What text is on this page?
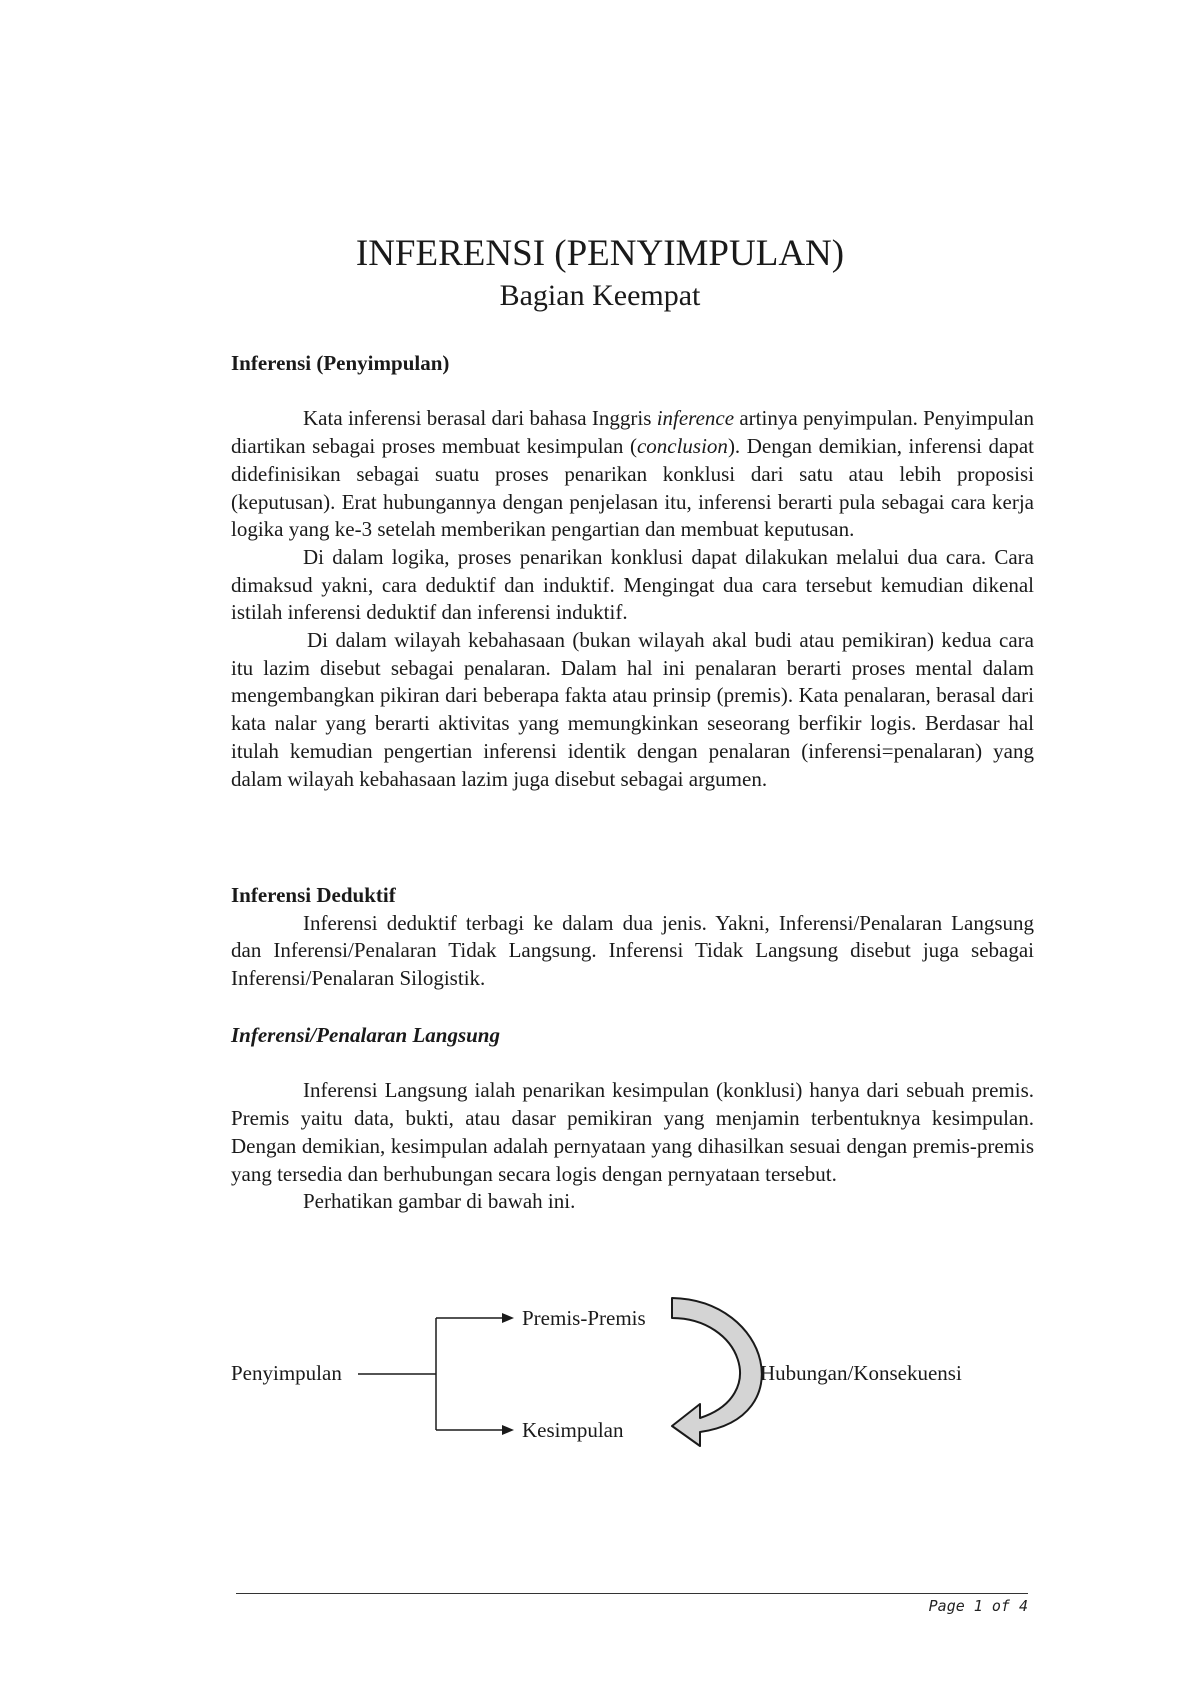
INFERENSI (PENYIMPULAN)
Bagian Keempat
Inferensi (Penyimpulan)

Kata inferensi berasal dari bahasa Inggris inference artinya penyimpulan. Penyimpulan diartikan sebagai proses membuat kesimpulan (conclusion). Dengan demikian, inferensi dapat didefinisikan sebagai suatu proses penarikan konklusi dari satu atau lebih proposisi (keputusan). Erat hubungannya dengan penjelasan itu, inferensi berarti pula sebagai cara kerja logika yang ke-3 setelah memberikan pengartian dan membuat keputusan.

Di dalam logika, proses penarikan konklusi dapat dilakukan melalui dua cara. Cara dimaksud yakni, cara deduktif dan induktif. Mengingat dua cara tersebut kemudian dikenal istilah inferensi deduktif dan inferensi induktif.

Di dalam wilayah kebahasaan (bukan wilayah akal budi atau pemikiran) kedua cara itu lazim disebut sebagai penalaran. Dalam hal ini penalaran berarti proses mental dalam mengembangkan pikiran dari beberapa fakta atau prinsip (premis). Kata penalaran, berasal dari kata nalar yang berarti aktivitas yang memungkinkan seseorang berfikir logis. Berdasar hal itulah kemudian pengertian inferensi identik dengan penalaran (inferensi=penalaran) yang dalam wilayah kebahasaan lazim juga disebut sebagai argumen.

Inferensi Deduktif

Inferensi deduktif terbagi ke dalam dua jenis. Yakni, Inferensi/Penalaran Langsung dan Inferensi/Penalaran Tidak Langsung. Inferensi Tidak Langsung disebut juga sebagai Inferensi/Penalaran Silogistik.

Inferensi/Penalaran Langsung

Inferensi Langsung ialah penarikan kesimpulan (konklusi) hanya dari sebuah premis. Premis yaitu data, bukti, atau dasar pemikiran yang menjamin terbentuknya kesimpulan. Dengan demikian, kesimpulan adalah pernyataan yang dihasilkan sesuai dengan premis-premis yang tersedia dan berhubungan secara logis dengan pernyataan tersebut.

Perhatikan gambar di bawah ini.

Penyimpulan
Premis-Premis
Kesimpulan
Hubungan/Konsekuensi
Page 1 of 4
